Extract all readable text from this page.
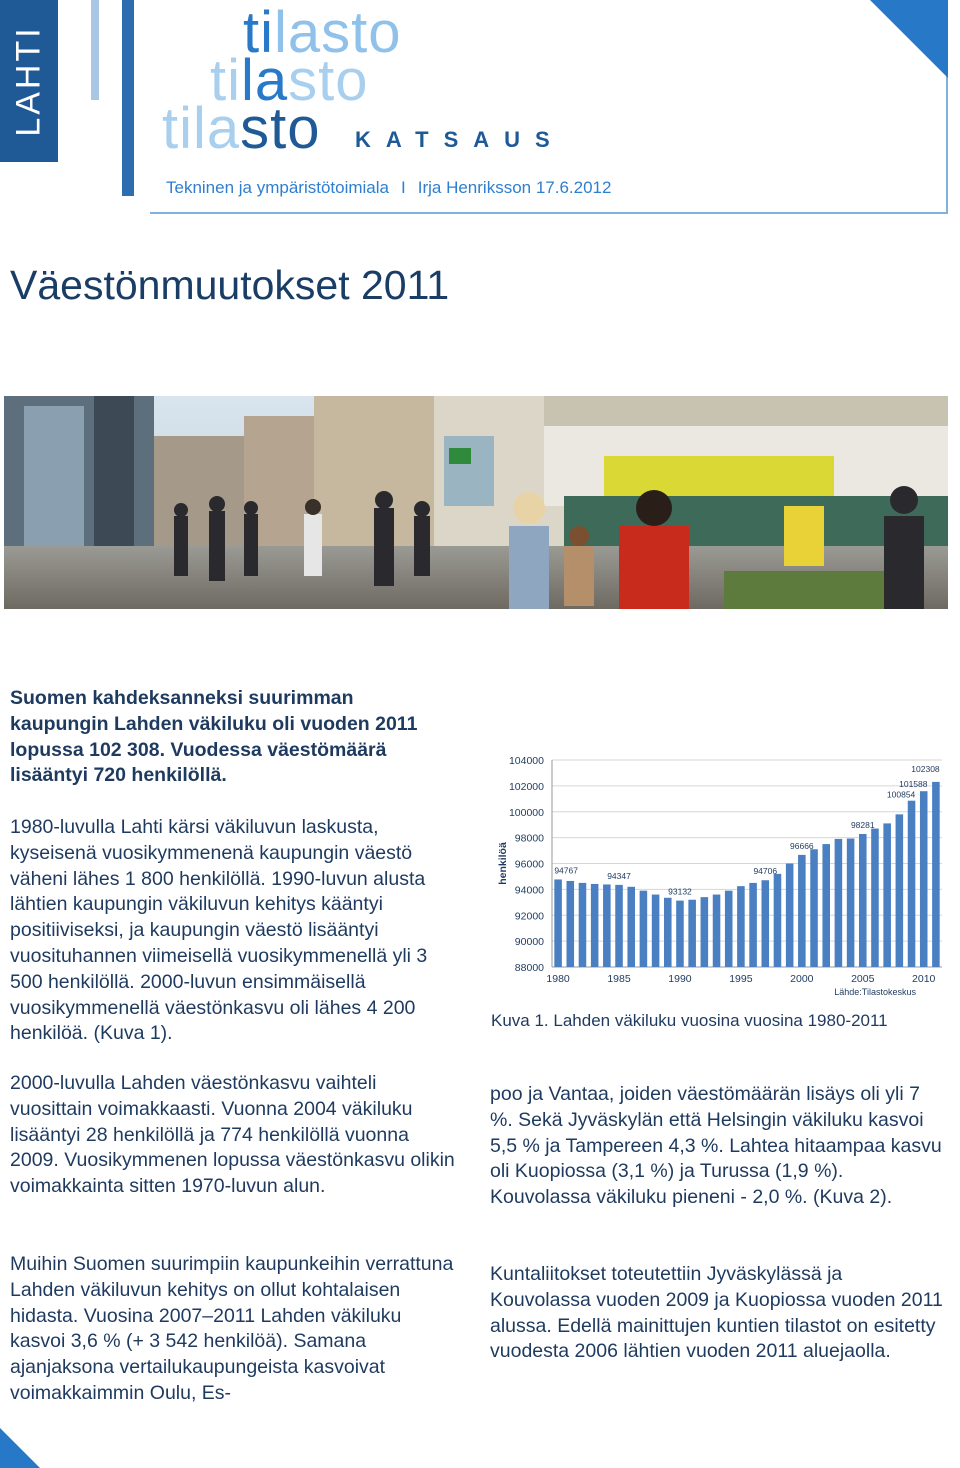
LAHTI	tilasto
tilasto
tilasto KATSAUS
Tekninen ja ympäristötoimiala I Irja Henriksson 17.6.2012
Väestönmuutokset 2011

Suomen kahdeksanneksi suurimman kaupungin Lahden väkiluku oli vuoden 2011 lopussa 102 308. Vuodessa väestömäärä lisääntyi 720 henkilöllä.

1980-luvulla Lahti kärsi väkiluvun laskusta, kyseisenä vuosikymmenenä kaupungin väestö väheni lähes 1 800 henkilöllä. 1990-luvun alusta lähtien kaupungin väkiluvun kehitys kääntyi positiiviseksi, ja kaupungin väestö lisääntyi vuosituhannen viimeisellä vuosikymmenellä yli 3 500 henkilöllä. 2000-luvun ensimmäisellä vuosikymmenellä väestönkasvu oli lähes 4 200 henkilöä. (Kuva 1).

2000-luvulla Lahden väestönkasvu vaihteli vuosittain voimakkaasti. Vuonna 2004 väkiluku lisääntyi 28 henkilöllä ja 774 henkilöllä vuonna 2009. Vuosikymmenen lopussa väestönkasvu olikin voimakkainta sitten 1970-luvun alun.

Muihin Suomen suurimpiin kaupunkeihin verrattuna Lahden väkiluvun kehitys on ollut kohtalaisen hidasta. Vuosina 2007–2011 Lahden väkiluku kasvoi 3,6 % (+ 3 542 henkilöä). Samana ajanjaksona vertailukaupungeista kasvoivat voimakkaimmin Oulu, Es-

88000
90000
92000
94000
96000
98000
100000
102000
104000
1980	1985	1990	1995	2000	2005	2010
94767
94347
93132
94706
96666
98281
100854
101588
102308
henkilöä
Lähde:Tilastokeskus
Kuva 1. Lahden väkiluku vuosina vuosina 1980-2011

poo ja Vantaa, joiden väestömäärän lisäys oli yli 7 %. Sekä Jyväskylän että Helsingin väkiluku kasvoi 5,5 % ja Tampereen 4,3 %. Lahtea hitaampaa kasvu oli Kuopiossa (3,1 %) ja Turussa (1,9 %). Kouvolassa väkiluku pieneni - 2,0 %. (Kuva 2).

Kuntaliitokset toteutettiin Jyväskylässä ja Kouvolassa vuoden 2009 ja Kuopiossa vuoden 2011 alussa. Edellä mainittujen kuntien tilastot on esitetty vuodesta 2006 lähtien vuoden 2011 aluejaolla.
